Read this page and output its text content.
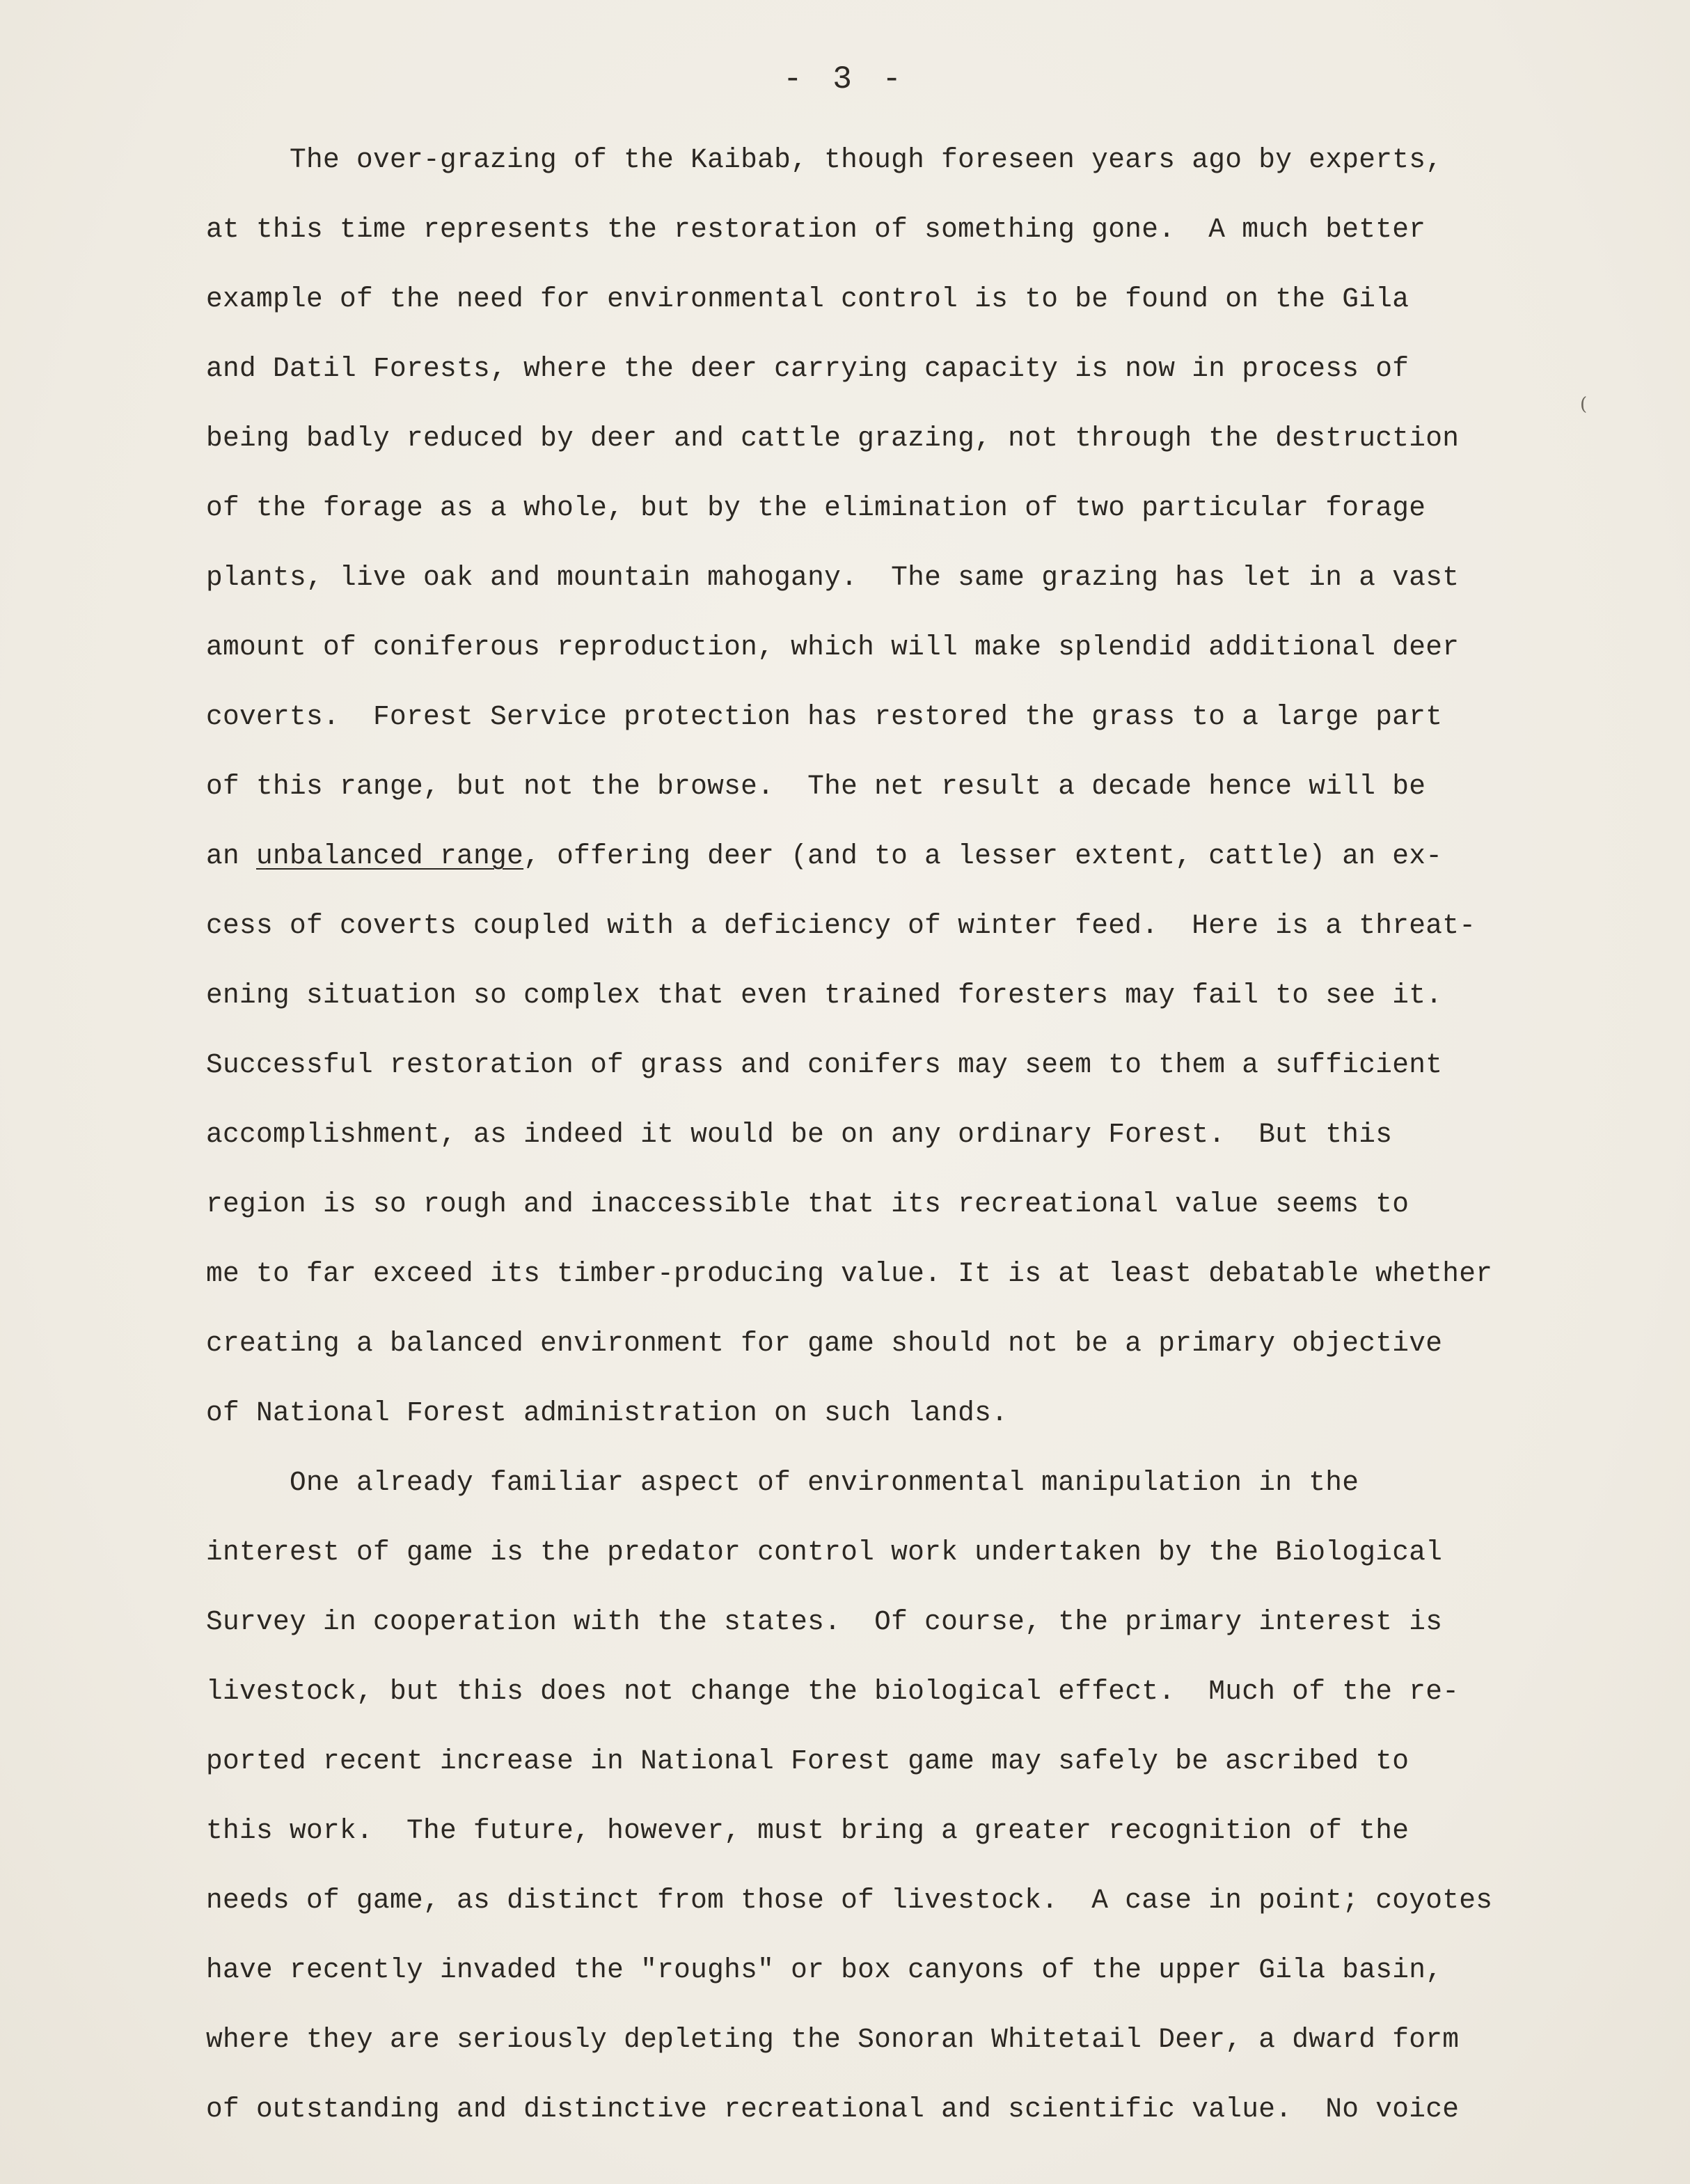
- 3 -
(
The over-grazing of the Kaibab, though foreseen years ago by experts,
at this time represents the restoration of something gone.  A much better
example of the need for environmental control is to be found on the Gila
and Datil Forests, where the deer carrying capacity is now in process of
being badly reduced by deer and cattle grazing, not through the destruction
of the forage as a whole, but by the elimination of two particular forage
plants, live oak and mountain mahogany.  The same grazing has let in a vast
amount of coniferous reproduction, which will make splendid additional deer
coverts.  Forest Service protection has restored the grass to a large part
of this range, but not the browse.  The net result a decade hence will be
an unbalanced range, offering deer (and to a lesser extent, cattle) an ex-
cess of coverts coupled with a deficiency of winter feed.  Here is a threat-
ening situation so complex that even trained foresters may fail to see it.
Successful restoration of grass and conifers may seem to them a sufficient
accomplishment, as indeed it would be on any ordinary Forest.  But this
region is so rough and inaccessible that its recreational value seems to
me to far exceed its timber-producing value. It is at least debatable whether
creating a balanced environment for game should not be a primary objective
of National Forest administration on such lands.
One already familiar aspect of environmental manipulation in the
interest of game is the predator control work undertaken by the Biological
Survey in cooperation with the states.  Of course, the primary interest is
livestock, but this does not change the biological effect.  Much of the re-
ported recent increase in National Forest game may safely be ascribed to
this work.  The future, however, must bring a greater recognition of the
needs of game, as distinct from those of livestock.  A case in point; coyotes
have recently invaded the "roughs" or box canyons of the upper Gila basin,
where they are seriously depleting the Sonoran Whitetail Deer, a dward form
of outstanding and distinctive recreational and scientific value.  No voice
